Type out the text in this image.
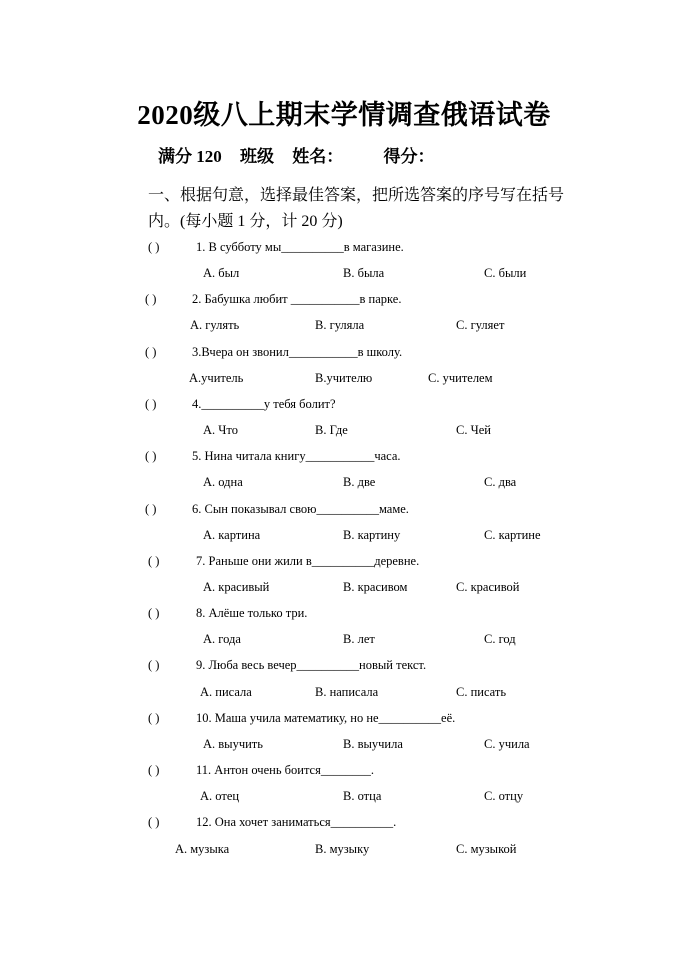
2020级八上期末学情调查俄语试卷
满分 120 班级 姓名： 得分：
一、根据句意，选择最佳答案，把所选答案的序号写在括号
内。(每小题 1 分，计 20 分)
( )	1. В субботу мы__________в магазине.
A. был	B. была	C. были
( )	2. Бабушка любит ___________в парке.
A. гулять	B. гуляла	C. гуляет
( )	3.Вчера он звонил___________в школу.
A.учитель	B.учителю	C. учителем
( )	4.__________у тебя болит?
A. Что	B. Где	C. Чей
( )	5. Нина читала книгу___________часа.
A. одна	B. две	C. два
( )	6. Сын показывал свою__________маме.
A. картина	B. картину	C. картине
( )	7. Раньше они жили в__________деревне.
A. красивый	B. красивом	C. красивой
( )	8. Алёше только три.
A. года	B. лет	C. год
( )	9. Люба весь вечер__________новый текст.
A. писала	B. написала	C. писать
( )	10. Маша учила математику, но не__________её.
A. выучить	B. выучила	C. учила
( )	11. Антон очень боится________.
A. отец	B. отца	C. отцу
( )	12. Она хочет заниматься__________.
A. музыка	B. музыку	C. музыкой
